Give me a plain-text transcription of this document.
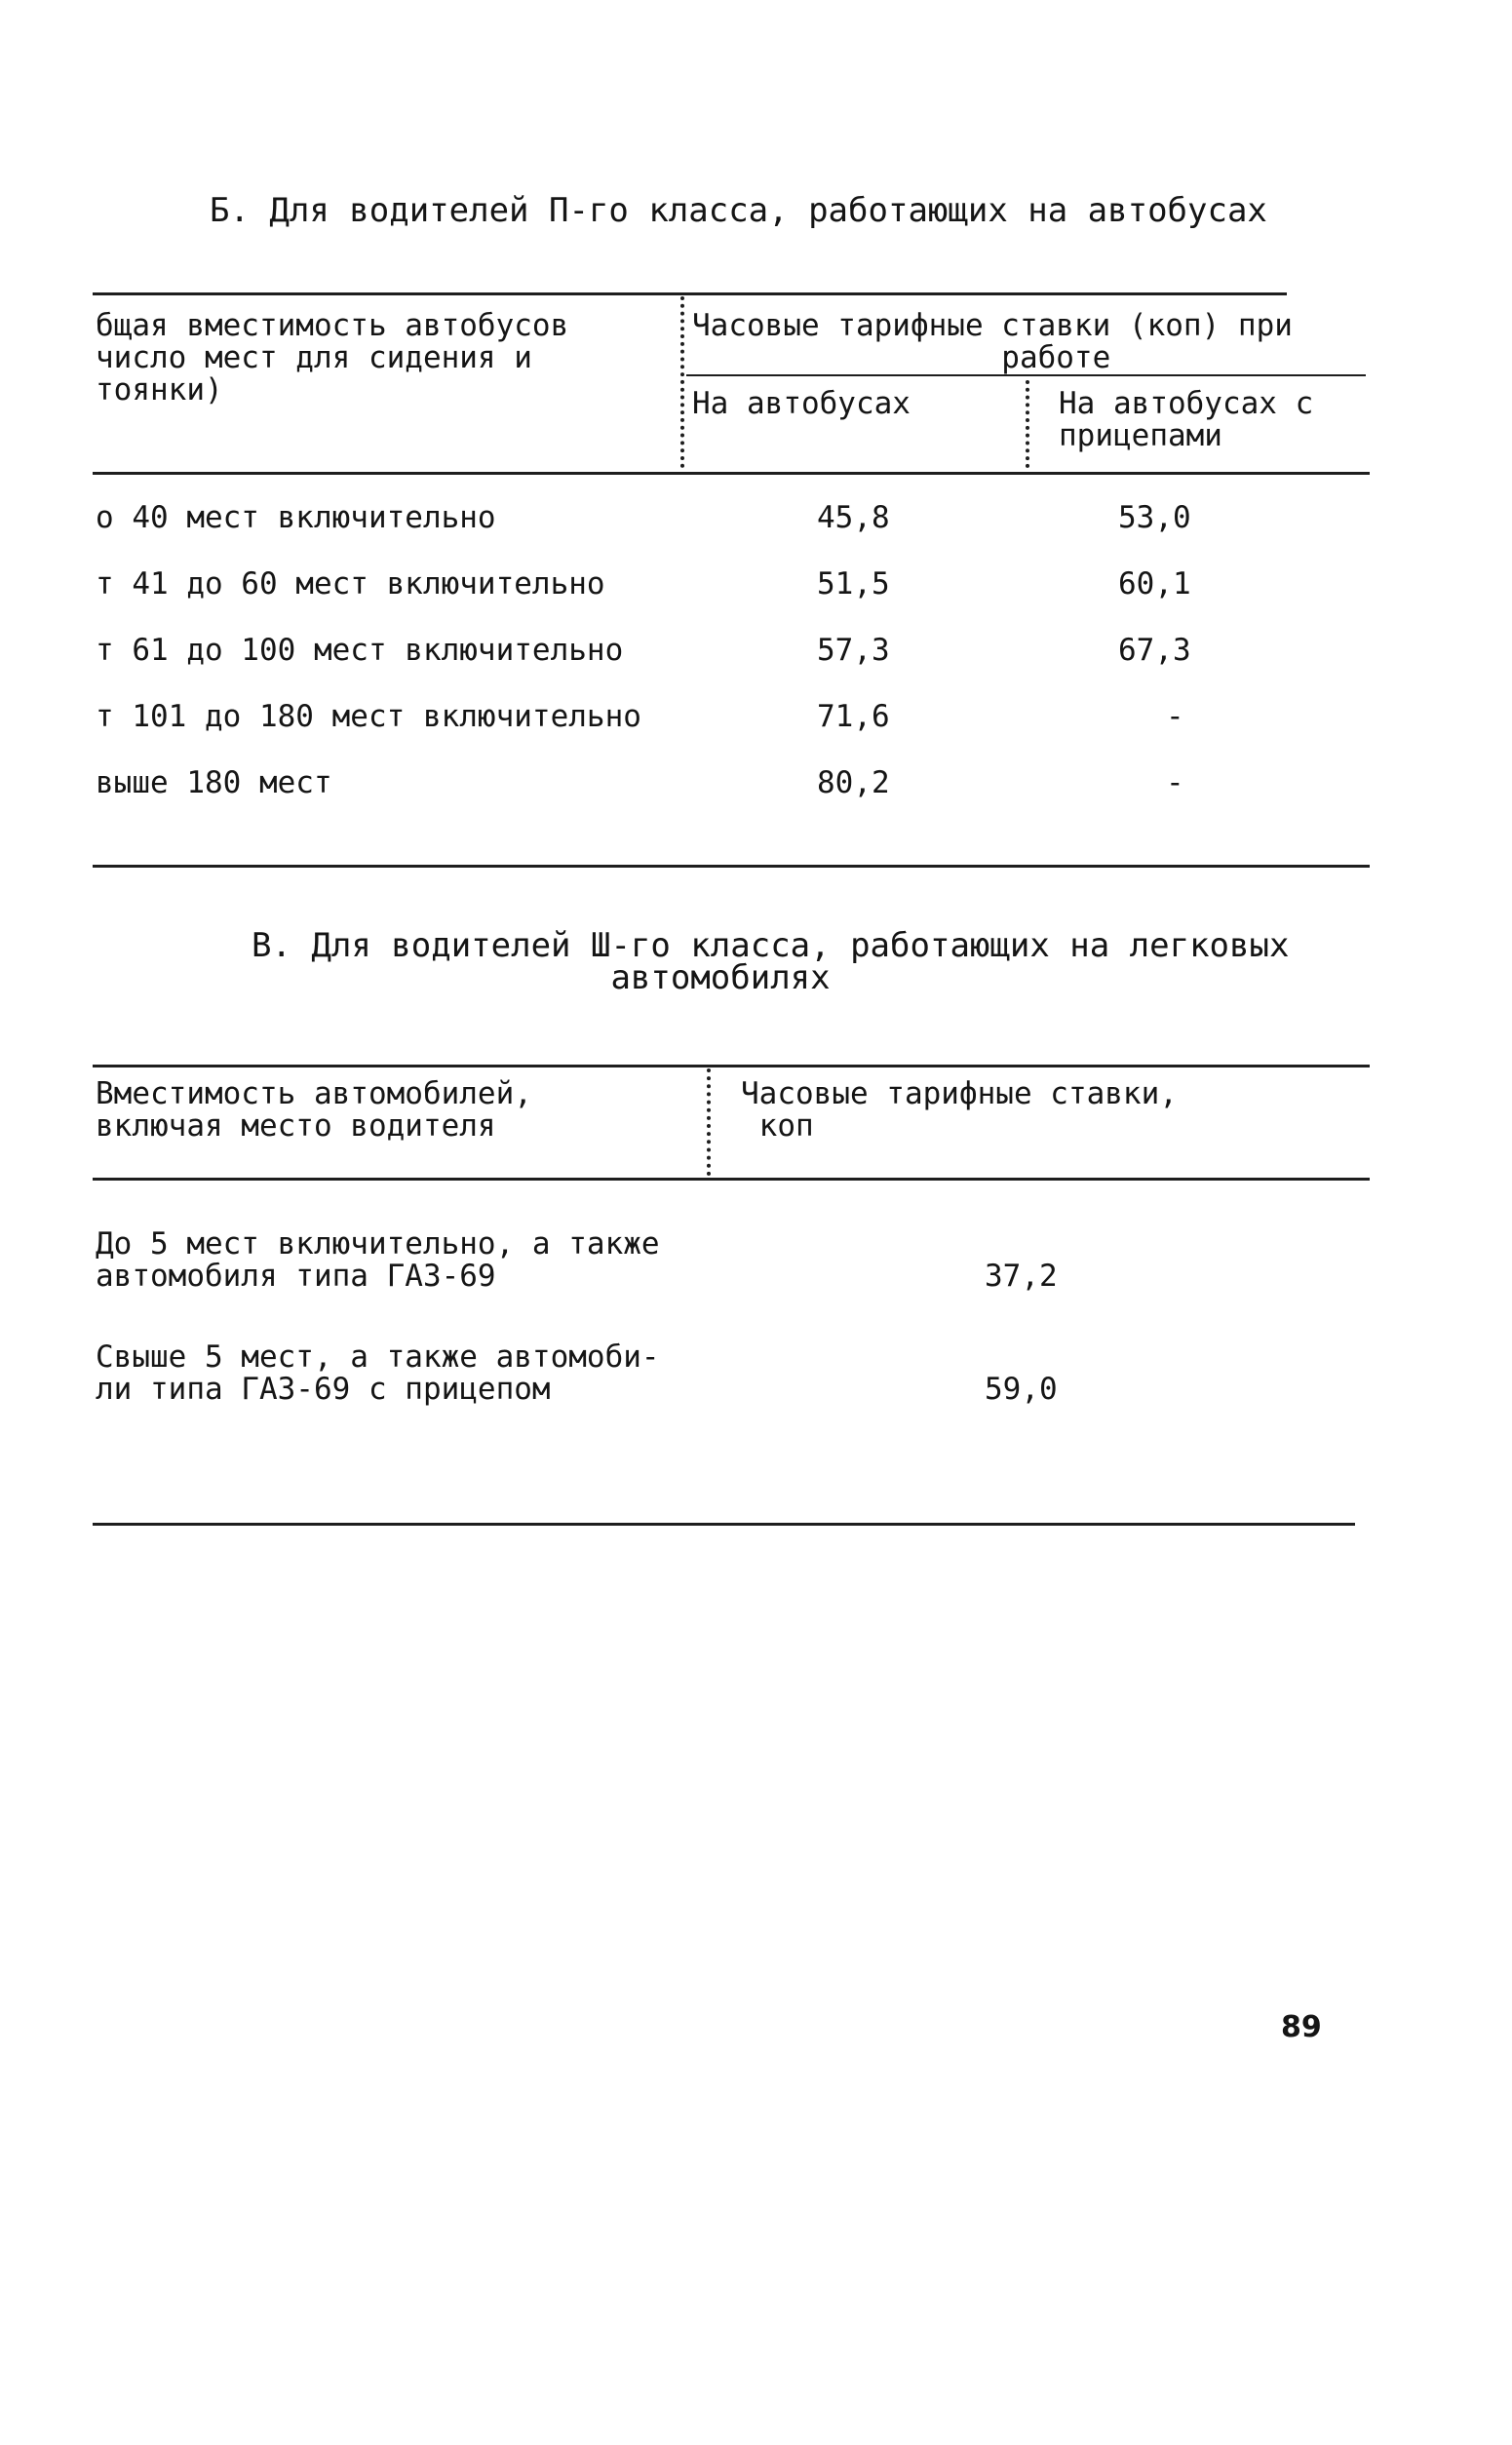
Б. Для водителей П-го класса, работающих на автобусах
бщая вместимость автобусов
число мест для сидения и
тоянки)
Часовые тарифные ставки (коп) при
работе
На автобусах	На автобусах с
прицепами
о 40 мест включительно	45,8	53,0
т 41 до 60 мест включительно	51,5	60,1
т 61 до 100 мест включительно	57,3	67,3
т 101 до 180 мест включительно	71,6	-
выше 180 мест	80,2	-
В. Для водителей Ш-го класса, работающих на легковых
автомобилях
Вместимость автомобилей,
включая место водителя
Часовые тарифные ставки,
коп
До 5 мест включительно, а также
автомобиля типа ГАЗ-69	37,2
Свыше 5 мест, а также автомоби-
ли типа ГАЗ-69 с прицепом	59,0
89
